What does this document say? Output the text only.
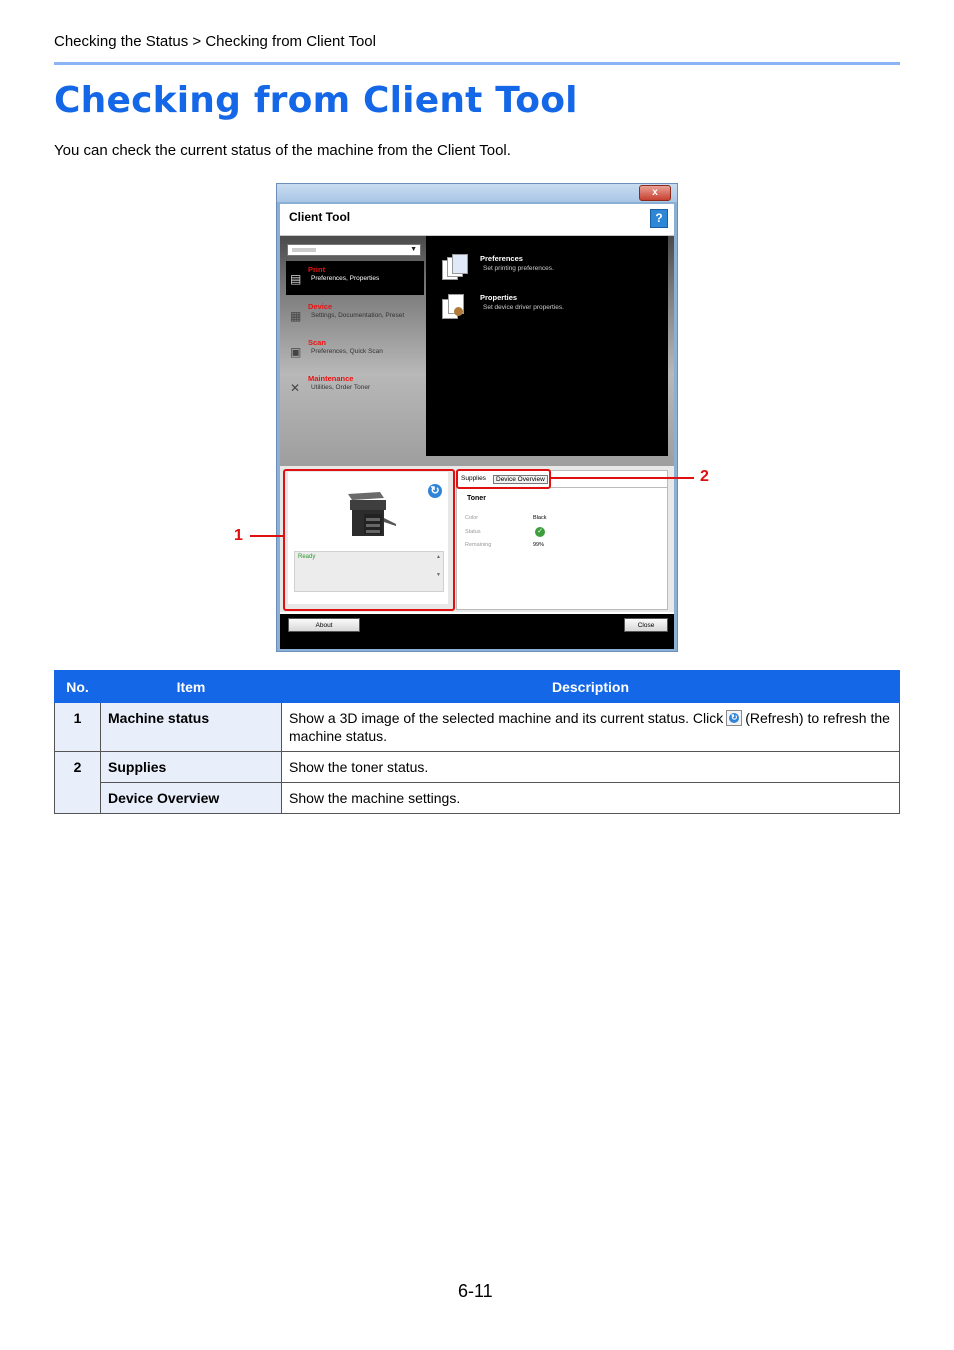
Checking the Status > Checking from Client Tool
Checking from Client Tool
You can check the current status of the machine from the Client Tool.
x
Client Tool	?
▼
▤
Print
Preferences, Properties
▦
Device
Settings, Documentation, Preset
▣
Scan
Preferences, Quick Scan
✕
Maintenance
Utilities, Order Toner
Preferences
Set printing preferences.
Properties
Set device driver properties.
↻
Ready	▲

▼
Supplies	Device Overview
Toner
Color	Black
Status	✓
Remaining	99%
About	Close
1
2
No.	Item	Description
1	Machine status	Show a 3D image of the selected machine and its current status. Click ↻ (Refresh) to refresh the machine status.
2	Supplies	Show the toner status.
	Device Overview	Show the machine settings.
6-11
